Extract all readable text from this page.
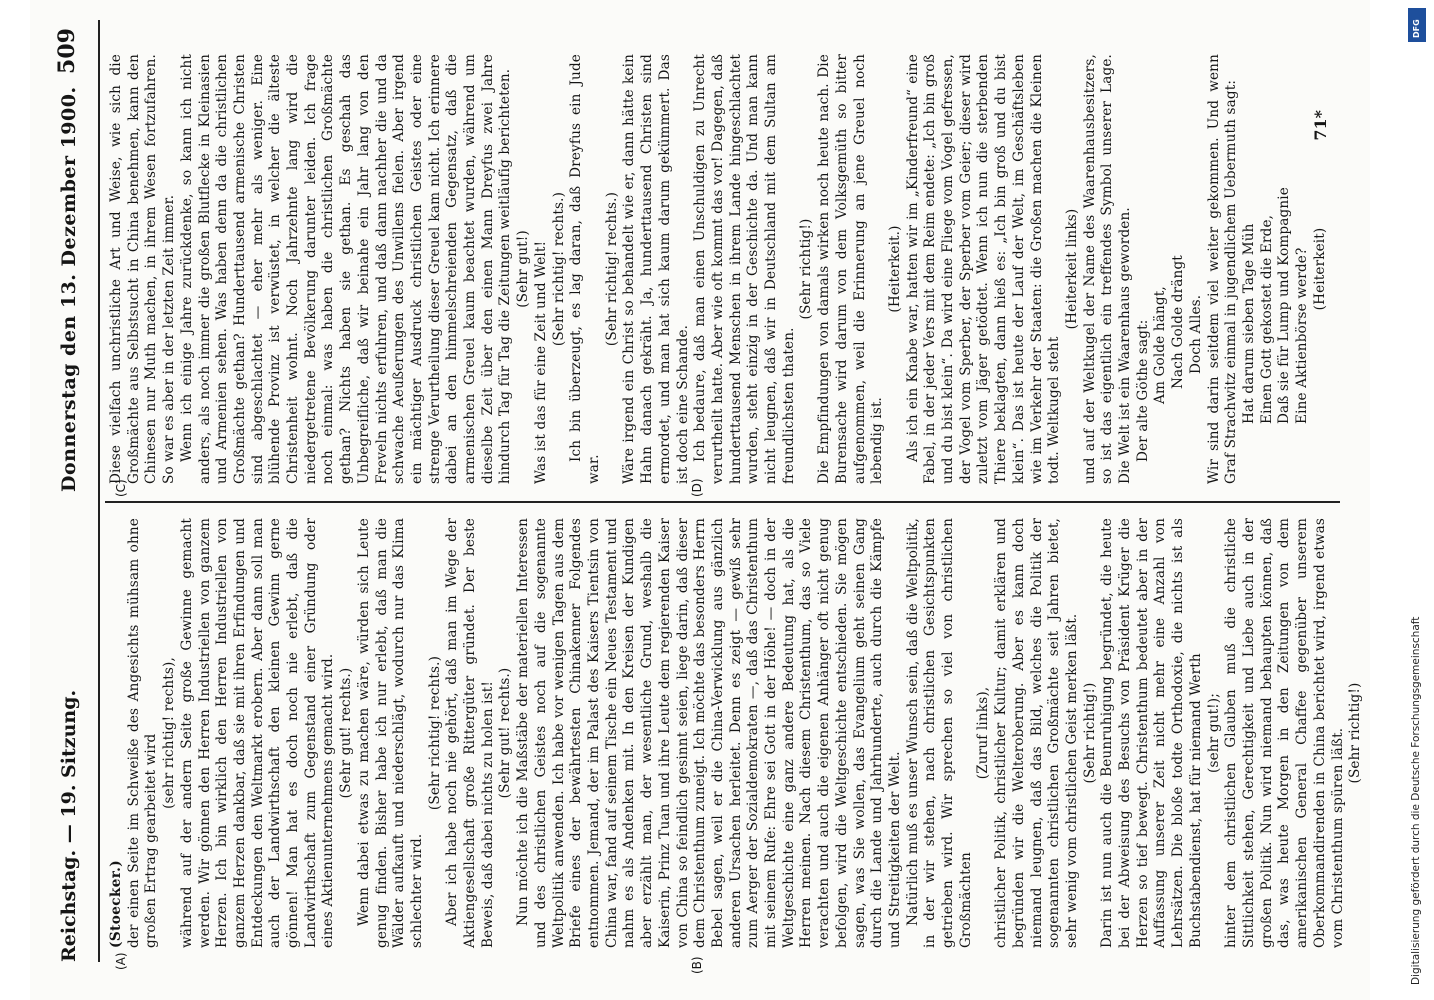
Reichstag. — 19. Sitzung.
Donnerstag den 13. Dezember 1900.
509
(A)	(B)
(C)	(D)
(Stoecker.) der einen Seite im Schweiße des Angesichts mühsam ohne großen Ertrag gearbeitet wird

(sehr richtig! rechts), während auf der andern Seite große Gewinne gemacht werden. Wir gönnen den Herren Industriellen von ganzem Herzen. Ich bin wirklich den Herren Industriellen von ganzem Herzen dankbar, daß sie mit ihren Erfindungen und Entdeckungen den Weltmarkt erobern. Aber dann soll man auch der Landwirthschaft den kleinen Gewinn gerne gönnen! Man hat es doch noch nie erlebt, daß die Landwirthschaft zum Gegenstand einer Gründung oder eines Aktienunternehmens gemacht wird. (Sehr gut! rechts.) Wenn dabei etwas zu machen wäre, würden sich Leute genug finden. Bisher habe ich nur erlebt, daß man die Wälder aufkauft und niederschlägt, wodurch nur das Klima schlechter wird.

(Sehr richtig! rechts.) Aber ich habe noch nie gehört, daß man im Wege der Aktiengesellschaft große Rittergüter gründet. Der beste Beweis, daß dabei nichts zu holen ist! (Sehr gut! rechts.) Nun möchte ich die Maßstäbe der materiellen Interessen und des christlichen Geistes noch auf die sogenannte Weltpolitik anwenden. Ich habe vor wenigen Tagen aus dem Briefe eines der bewährtesten Chinakenner Folgendes entnommen. Jemand, der im Palast des Kaisers Tientsin von China war, fand auf seinem Tische ein Neues Testament und nahm es als Andenken mit. In den Kreisen der Kundigen aber erzählt man, der wesentliche Grund, weshalb die Kaiserin, Prinz Tuan und ihre Leute dem regierenden Kaiser von China so feindlich gesinnt seien, liege darin, daß dieser dem Christenthum zuneigt. Ich möchte das besonders Herrn Bebel sagen, weil er die China-Verwicklung aus gänzlich anderen Ursachen herleitet. Denn es zeigt — gewiß sehr zum Aerger der Sozialdemokraten —, daß das Christenthum mit seinem Rufe: Ehre sei Gott in der Höhe! — doch in der Weltgeschichte eine ganz andere Bedeutung hat, als die Herren meinen. Nach diesem Christenthum, das so Viele verachten und auch die eigenen Anhänger oft nicht genug befolgen, wird die Weltgeschichte entschieden. Sie mögen sagen, was Sie wollen, das Evangelium geht seinen Gang durch die Lande und Jahrhunderte, auch durch die Kämpfe und Streitigkeiten der Welt. Natürlich muß es unser Wunsch sein, daß die Weltpolitik, in der wir stehen, nach christlichen Gesichtspunkten getrieben wird. Wir sprechen so viel von christlichen Großmächten

(Zuruf links), christlicher Politik, christlicher Kultur; damit erklären und begründen wir die Welteroberung. Aber es kann doch niemand leugnen, daß das Bild, welches die Politik der sogenannten christlichen Großmächte seit Jahren bietet, sehr wenig vom christlichen Geist merken läßt. (Sehr richtig!) Darin ist nun auch die Beunruhigung begründet, die heute bei der Abweisung des Besuchs von Präsident Krüger die Herzen so tief bewegt. Christenthum bedeutet aber in der Auffassung unserer Zeit nicht mehr eine Anzahl von Lehrsätzen. Die bloße todte Orthodoxie, die nichts ist als Buchstabendienst, hat für niemand Werth (sehr gut!); hinter dem christlichen Glauben muß die christliche Sittlichkeit stehen, Gerechtigkeit und Liebe auch in der großen Politik. Nun wird niemand behaupten können, daß das, was heute Morgen in den Zeitungen von dem amerikanischen General Chaffee gegenüber unserem Oberkommandirenden in China berichtet wird, irgend etwas vom Christenthum spüren läßt. (Sehr richtig!)

Diese vielfach unchristliche Art und Weise, wie sich die Großmächte aus Selbstsucht in China benehmen, kann den Chinesen nur Muth machen, in ihrem Wesen fortzufahren. So war es aber in der letzten Zeit immer. Wenn ich einige Jahre zurückdenke, so kann ich nicht anders, als noch immer die großen Blutflecke in Kleinasien und Armenien sehen. Was haben denn da die christlichen Großmächte gethan? Hunderttausend armenische Christen sind abgeschlachtet — eher mehr als weniger. Eine blühende Provinz ist verwüstet, in welcher die älteste Christenheit wohnt. Noch Jahrzehnte lang wird die niedergetretene Bevölkerung darunter leiden. Ich frage noch einmal: was haben die christlichen Großmächte gethan? Nichts haben sie gethan. Es geschah das Unbegreifliche, daß wir beinahe ein Jahr lang von den Freveln nichts erfuhren, und daß dann nachher die und da schwache Aeußerungen des Unwillens fielen. Aber irgend ein mächtiger Ausdruck christlichen Geistes oder eine strenge Verurtheilung dieser Greuel kam nicht. Ich erinnere dabei an den himmelschreienden Gegensatz, daß die armenischen Greuel kaum beachtet wurden, während um dieselbe Zeit über den einen Mann Dreyfus zwei Jahre hindurch Tag für Tag die Zeitungen weitläufig berichteten. (Sehr gut!) Was ist das für eine Zeit und Welt! (Sehr richtig! rechts.) Ich bin überzeugt, es lag daran, daß Dreyfus ein Jude war.

(Sehr richtig! rechts.) Wäre irgend ein Christ so behandelt wie er, dann hätte kein Hahn danach gekräht. Ja, hunderttausend Christen sind ermordet, und man hat sich kaum darum gekümmert. Das ist doch eine Schande. Ich bedaure, daß man einen Unschuldigen zu Unrecht verurtheilt hatte. Aber wie oft kommt das vor! Dagegen, daß hunderttausend Menschen in ihrem Lande hingeschlachtet wurden, steht einzig in der Geschichte da. Und man kann nicht leugnen, daß wir in Deutschland mit dem Sultan am freundlichsten thaten.

(Sehr richtig!) Die Empfindungen von damals wirken noch heute nach. Die Burensache wird darum von dem Volksgemüth so bitter aufgenommen, weil die Erinnerung an jene Greuel noch lebendig ist.

(Heiterkeit.) Als ich ein Knabe war, hatten wir im „Kinderfreund“ eine Fabel, in der jeder Vers mit dem Reim endete: „Ich bin groß und du bist klein“. Da wird eine Fliege vom Vogel gefressen, der Vogel vom Sperber, der Sperber vom Geier; dieser wird zuletzt vom Jäger getödtet. Wenn ich nun die sterbenden Thiere beklagten, dann hieß es: „Ich bin groß und du bist klein“. Das ist heute der Lauf der Welt, im Geschäftsleben wie im Verkehr der Staaten: die Großen machen die Kleinen todt. Weltkugel steht

(Heiterkeit links) und auf der Weltkugel der Name des Waarenhausbesitzers, so ist das eigentlich ein treffendes Symbol unserer Lage. Die Welt ist ein Waarenhaus geworden. Der alte Göthe sagt: Am Golde hängt, Nach Golde drängt Doch Alles. Wir sind darin seitdem viel weiter gekommen. Und wenn Graf Strachwitz einmal in jugendlichem Uebermuth sagt: Hat darum sieben Tage Müh Einen Gott gekostet die Erde, Daß sie für Lump und Kompagnie Eine Aktienbörse werde? (Heiterkeit)

71*
DFG
Digitalisierung gefördert durch die Deutsche Forschungsgemeinschaft
